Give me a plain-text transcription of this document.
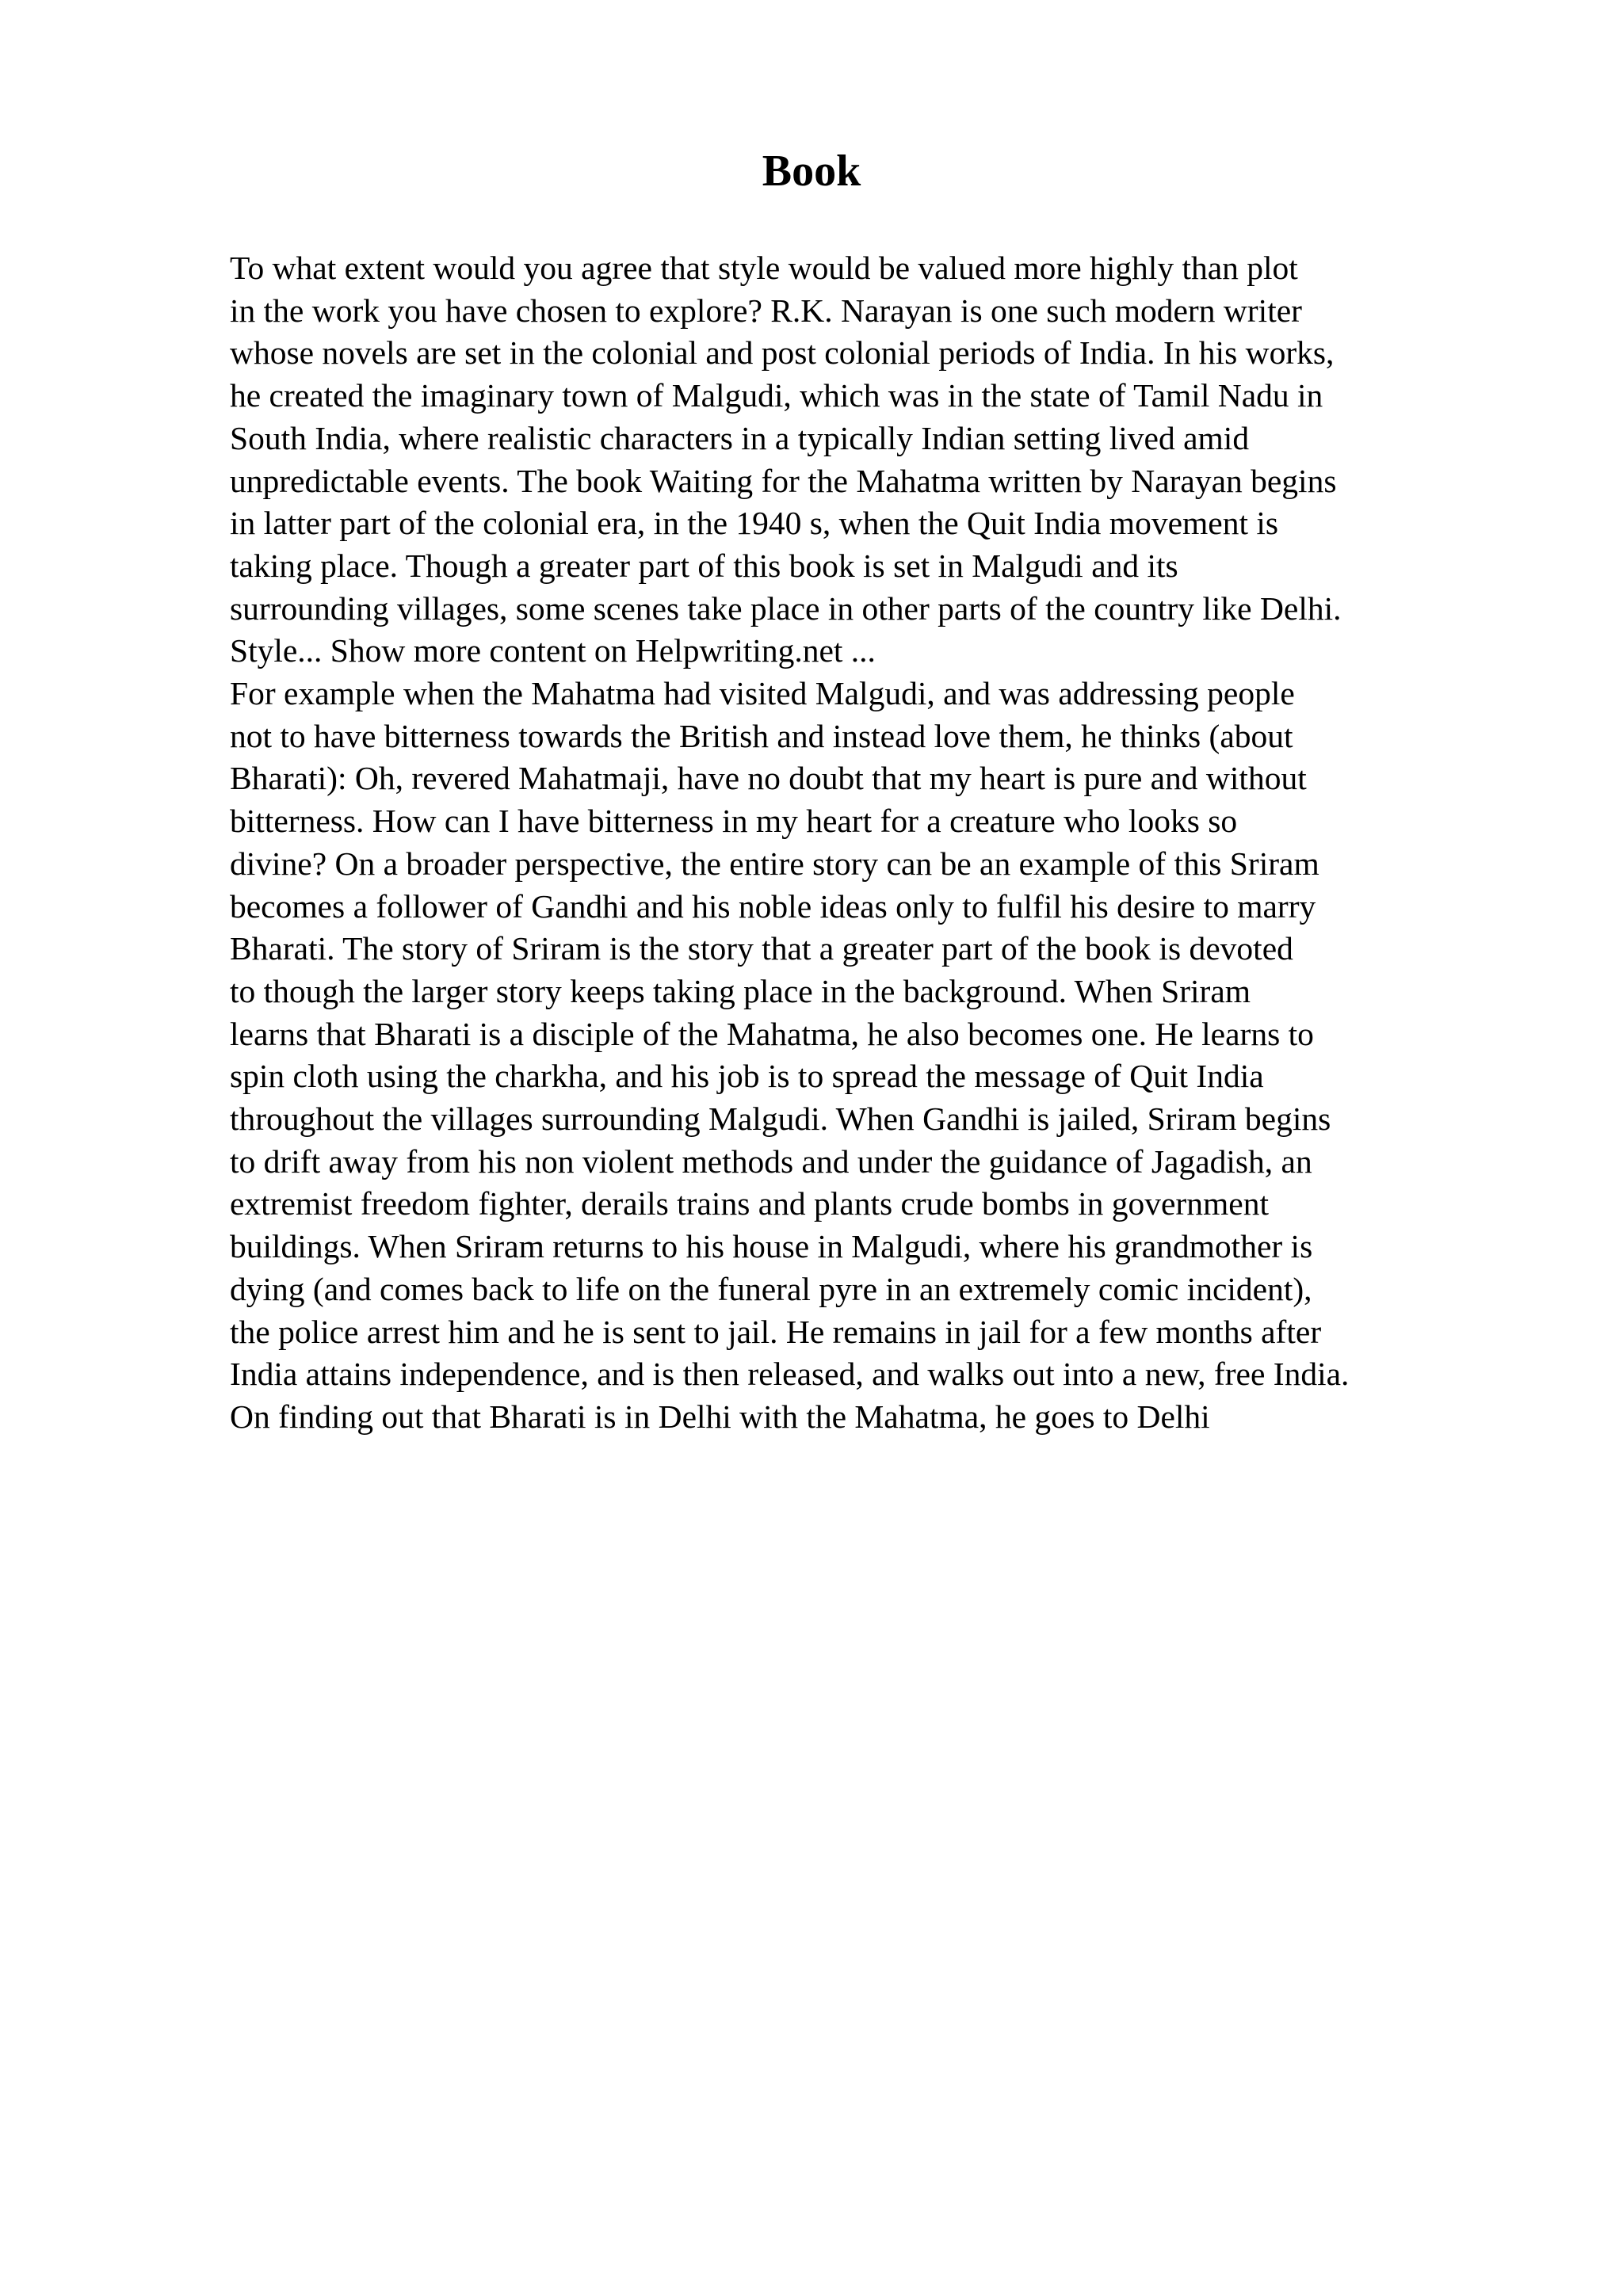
Book
To what extent would you agree that style would be valued more highly than plot
in the work you have chosen to explore? R.K. Narayan is one such modern writer
whose novels are set in the colonial and post colonial periods of India. In his works,
he created the imaginary town of Malgudi, which was in the state of Tamil Nadu in
South India, where realistic characters in a typically Indian setting lived amid
unpredictable events. The book Waiting for the Mahatma written by Narayan begins
in latter part of the colonial era, in the 1940 s, when the Quit India movement is
taking place. Though a greater part of this book is set in Malgudi and its
surrounding villages, some scenes take place in other parts of the country like Delhi.
Style... Show more content on Helpwriting.net ...
For example when the Mahatma had visited Malgudi, and was addressing people
not to have bitterness towards the British and instead love them, he thinks (about
Bharati): Oh, revered Mahatmaji, have no doubt that my heart is pure and without
bitterness. How can I have bitterness in my heart for a creature who looks so
divine? On a broader perspective, the entire story can be an example of this Sriram
becomes a follower of Gandhi and his noble ideas only to fulfil his desire to marry
Bharati. The story of Sriram is the story that a greater part of the book is devoted
to though the larger story keeps taking place in the background. When Sriram
learns that Bharati is a disciple of the Mahatma, he also becomes one. He learns to
spin cloth using the charkha, and his job is to spread the message of Quit India
throughout the villages surrounding Malgudi. When Gandhi is jailed, Sriram begins
to drift away from his non violent methods and under the guidance of Jagadish, an
extremist freedom fighter, derails trains and plants crude bombs in government
buildings. When Sriram returns to his house in Malgudi, where his grandmother is
dying (and comes back to life on the funeral pyre in an extremely comic incident),
the police arrest him and he is sent to jail. He remains in jail for a few months after
India attains independence, and is then released, and walks out into a new, free India.
On finding out that Bharati is in Delhi with the Mahatma, he goes to Delhi
